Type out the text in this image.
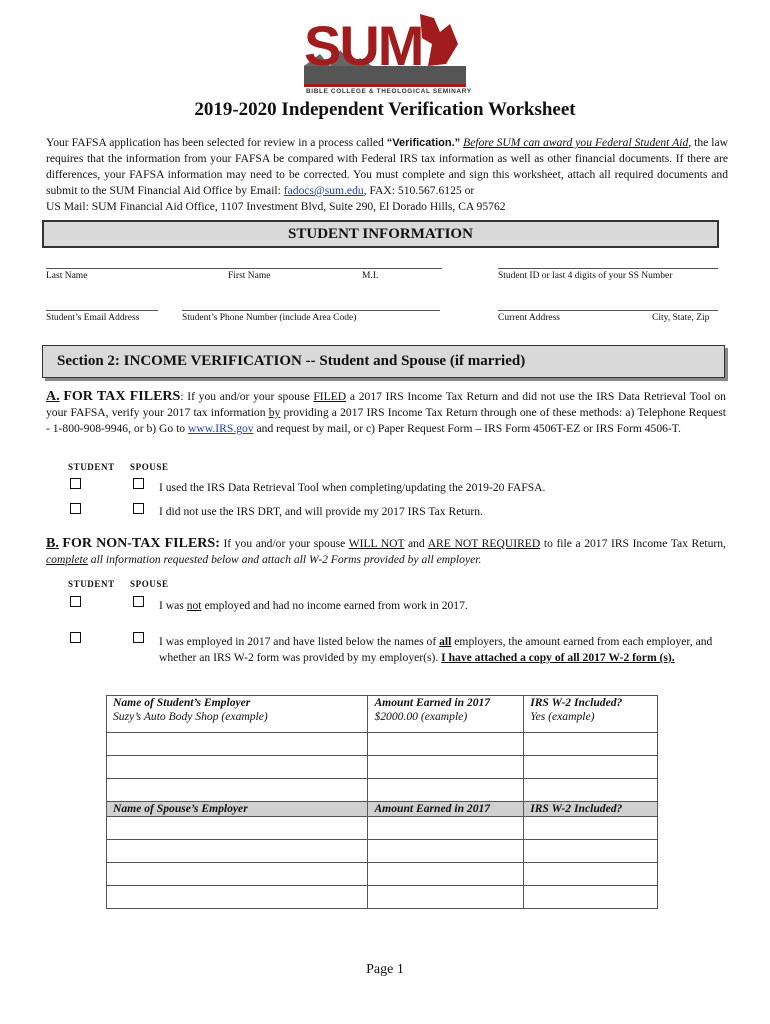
SUM
BIBLE COLLEGE & THEOLOGICAL SEMINARY
2019-2020 Independent Verification Worksheet
Your FAFSA application has been selected for review in a process called “Verification.” Before SUM can award you Federal Student Aid, the law requires that the information from your FAFSA be compared with Federal IRS tax information as well as other financial documents. If there are differences, your FAFSA information may need to be corrected. You must complete and sign this worksheet, attach all required documents and submit to the SUM Financial Aid Office by Email: fadocs@sum.edu, FAX: 510.567.6125 or
US Mail: SUM Financial Aid Office, 1107 Investment Blvd, Suite 290, El Dorado Hills, CA 95762
STUDENT INFORMATION
Last Name	First Name	M.I.	Student ID or last 4 digits of your SS Number
Student’s Email Address	Student’s Phone Number (include Area Code)	Current Address	City, State, Zip
Section 2: INCOME VERIFICATION -- Student and Spouse (if married)
A. FOR TAX FILERS: If you and/or your spouse FILED a 2017 IRS Income Tax Return and did not use the IRS Data Retrieval Tool on your FAFSA, verify your 2017 tax information by providing a 2017 IRS Income Tax Return through one of these methods: a) Telephone Request - 1-800-908-9946, or b) Go to www.IRS.gov and request by mail, or c) Paper Request Form – IRS Form 4506T-EZ or IRS Form 4506-T.
STUDENT SPOUSE
I used the IRS Data Retrieval Tool when completing/updating the 2019-20 FAFSA.
I did not use the IRS DRT, and will provide my 2017 IRS Tax Return.
B. FOR NON-TAX FILERS: If you and/or your spouse WILL NOT and ARE NOT REQUIRED to file a 2017 IRS Income Tax Return, complete all information requested below and attach all W-2 Forms provided by all employer.
STUDENT SPOUSE
I was not employed and had no income earned from work in 2017.
I was employed in 2017 and have listed below the names of all employers, the amount earned from each employer, and whether an IRS W-2 form was provided by my employer(s). I have attached a copy of all 2017 W-2 form (s).
Name of Student’s Employer	Amount Earned in 2017	IRS W-2 Included?
Suzy’s Auto Body Shop (example)	$2000.00 (example)	Yes (example)

Name of Spouse’s Employer	Amount Earned in 2017	IRS W-2 Included?

Page 1
